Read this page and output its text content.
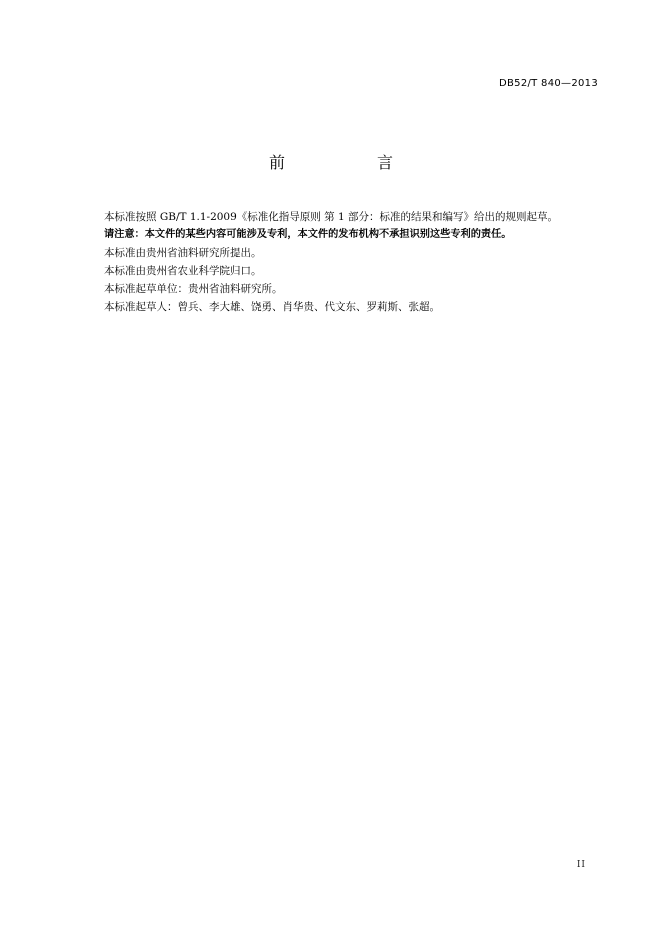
DB52/T 840—2013
前　言

本标准按照 GB/T 1.1-2009《标准化指导原则 第 1 部分：标准的结果和编写》给出的规则起草。

请注意：本文件的某些内容可能涉及专利，本文件的发布机构不承担识别这些专利的责任。

本标准由贵州省油料研究所提出。

本标准由贵州省农业科学院归口。

本标准起草单位：贵州省油料研究所。

本标准起草人：曾兵、李大雄、饶勇、肖华贵、代文东、罗莉斯、张超。

II
